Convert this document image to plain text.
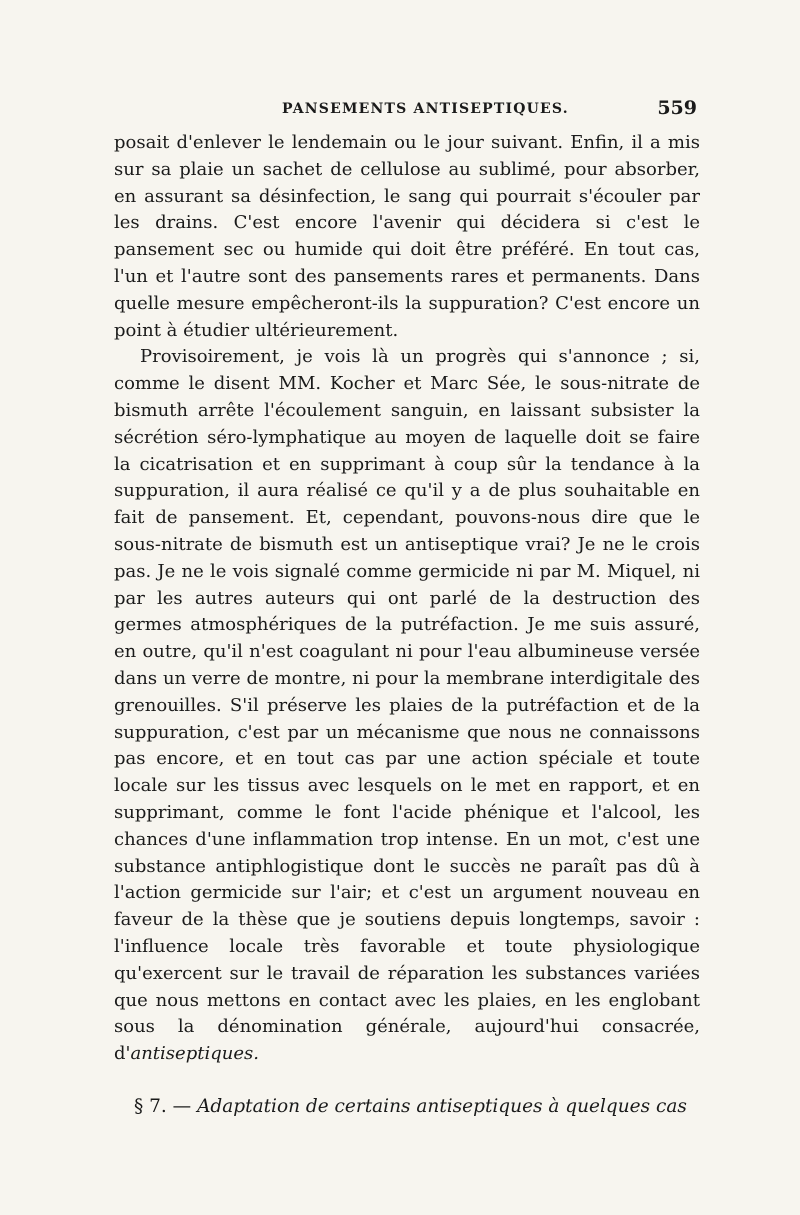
PANSEMENTS ANTISEPTIQUES.	559

posait d'enlever le lendemain ou le jour suivant. Enfin, il a mis sur sa plaie un sachet de cellulose au sublimé, pour absorber, en assurant sa désinfection, le sang qui pourrait s'écouler par les drains. C'est encore l'avenir qui décidera si c'est le pansement sec ou humide qui doit être préféré. En tout cas, l'un et l'autre sont des pansements rares et permanents. Dans quelle mesure empêcheront-ils la suppuration? C'est encore un point à étudier ultérieurement.

Provisoirement, je vois là un progrès qui s'annonce ; si, comme le disent MM. Kocher et Marc Sée, le sous-nitrate de bismuth arrête l'écoulement sanguin, en laissant subsister la sécrétion séro-lymphatique au moyen de laquelle doit se faire la cicatrisation et en supprimant à coup sûr la tendance à la suppuration, il aura réalisé ce qu'il y a de plus souhaitable en fait de pansement. Et, cependant, pouvons-nous dire que le sous-nitrate de bismuth est un antiseptique vrai? Je ne le crois pas. Je ne le vois signalé comme germicide ni par M. Miquel, ni par les autres auteurs qui ont parlé de la destruction des germes atmosphériques de la putréfaction. Je me suis assuré, en outre, qu'il n'est coagulant ni pour l'eau albumineuse versée dans un verre de montre, ni pour la membrane interdigitale des grenouilles. S'il préserve les plaies de la putréfaction et de la suppuration, c'est par un mécanisme que nous ne connaissons pas encore, et en tout cas par une action spéciale et toute locale sur les tissus avec lesquels on le met en rapport, et en supprimant, comme le font l'acide phénique et l'alcool, les chances d'une inflammation trop intense. En un mot, c'est une substance antiphlogistique dont le succès ne paraît pas dû à l'action germicide sur l'air; et c'est un argument nouveau en faveur de la thèse que je soutiens depuis longtemps, savoir : l'influence locale très favorable et toute physiologique qu'exercent sur le travail de réparation les substances variées que nous mettons en contact avec les plaies, en les englobant sous la dénomination générale, aujourd'hui consacrée, d'antiseptiques.

§ 7. — Adaptation de certains antiseptiques à quelques cas
